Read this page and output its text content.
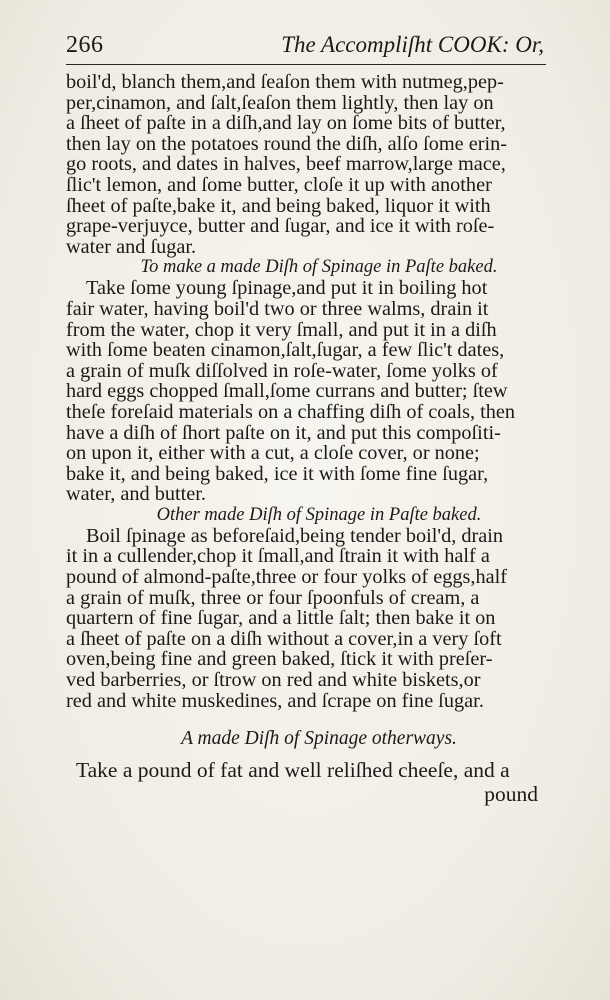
266	The Accompliſht COOK: Or,
boil'd, blanch them,and ſeaſon them with nutmeg,pep-
per,cinamon, and ſalt,ſeaſon them lightly, then lay on
a ſheet of paſte in a diſh,and lay on ſome bits of butter,
then lay on the potatoes round the diſh, alſo ſome erin-
go roots, and dates in halves, beef marrow,large mace,
ſlic't lemon, and ſome butter, cloſe it up with another
ſheet of paſte,bake it, and being baked, liquor it with
grape-verjuyce, butter and ſugar, and ice it with roſe-
water and ſugar.
To make a made Diſh of Spinage in Paſte baked.
Take ſome young ſpinage,and put it in boiling hot
fair water, having boil'd two or three walms, drain it
from the water, chop it very ſmall, and put it in a diſh
with ſome beaten cinamon,ſalt,ſugar, a few ſlic't dates,
a grain of muſk diſſolved in roſe-water, ſome yolks of
hard eggs chopped ſmall,ſome currans and butter; ſtew
theſe foreſaid materials on a chaffing diſh of coals, then
have a diſh of ſhort paſte on it, and put this compoſiti-
on upon it, either with a cut, a cloſe cover, or none;
bake it, and being baked, ice it with ſome fine ſugar,
water, and butter.
Other made Diſh of Spinage in Paſte baked.
Boil ſpinage as beforeſaid,being tender boil'd, drain
it in a cullender,chop it ſmall,and ſtrain it with half a
pound of almond-paſte,three or four yolks of eggs,half
a grain of muſk, three or four ſpoonfuls of cream, a
quartern of fine ſugar, and a little ſalt; then bake it on
a ſheet of paſte on a diſh without a cover,in a very ſoft
oven,being fine and green baked, ſtick it with preſer-
ved barberries, or ſtrow on red and white biskets,or
red and white muskedines, and ſcrape on fine ſugar.
A made Diſh of Spinage otherways.
Take a pound of fat and well reliſhed cheeſe, and a
pound
